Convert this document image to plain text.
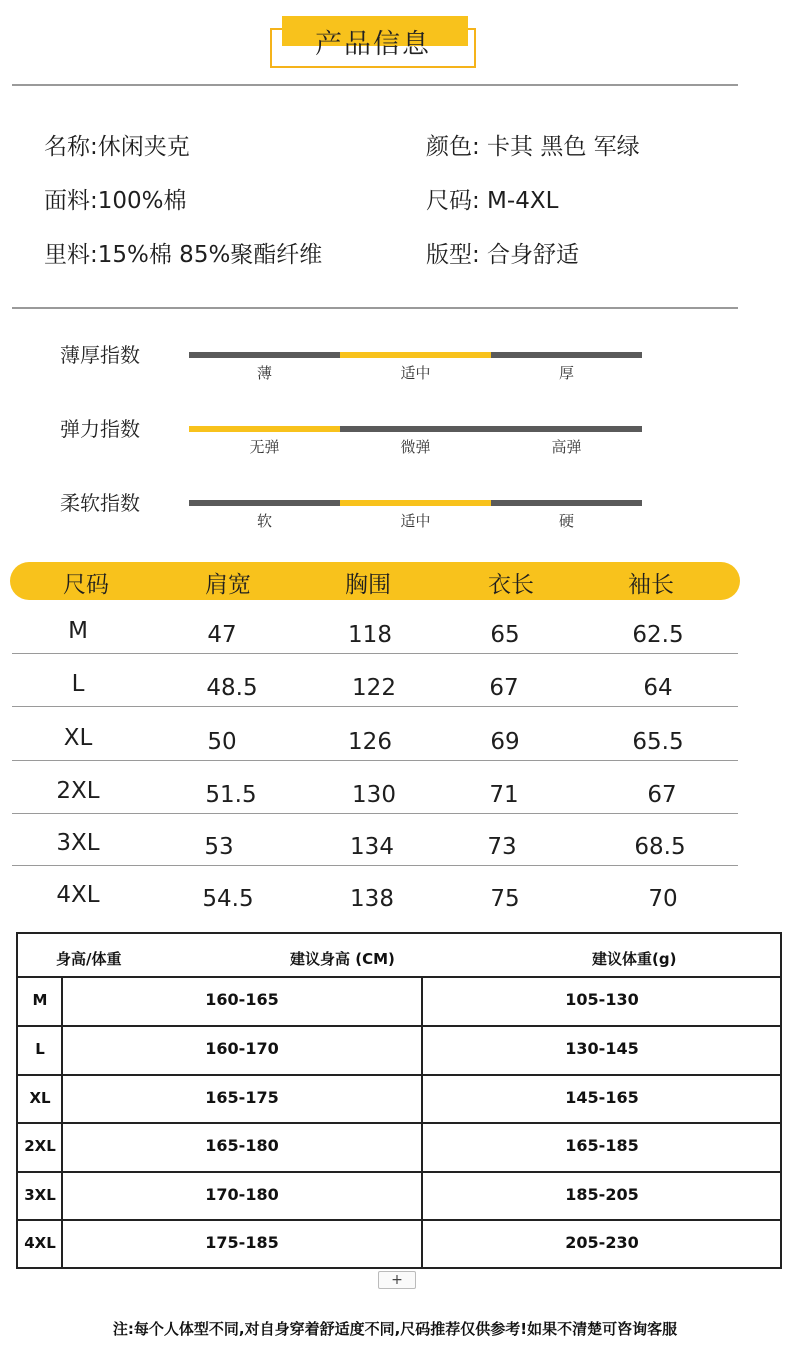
产品信息
名称:休闲夹克
面料:100%棉
里料:15%棉 85%聚酯纤维
颜色: 卡其 黑色 军绿
尺码: M-4XL
版型: 合身舒适
薄厚指数
薄	适中	厚
弹力指数
无弹	微弹	高弹
柔软指数
软	适中	硬
尺码	肩宽	胸围	衣长	袖长
M	47	118	65	62.5
L	48.5	122	67	64
XL	50	126	69	65.5
2XL	51.5	130	71	67
3XL	53	134	73	68.5
4XL	54.5	138	75	70
身高/体重	建议身高 (CM)	建议体重(g)
M	160-165	105-130
L	160-170	130-145
XL	165-175	145-165
2XL	165-180	165-185
3XL	170-180	185-205
4XL	175-185	205-230
+
注:每个人体型不同,对自身穿着舒适度不同,尺码推荐仅供参考!如果不清楚可咨询客服
